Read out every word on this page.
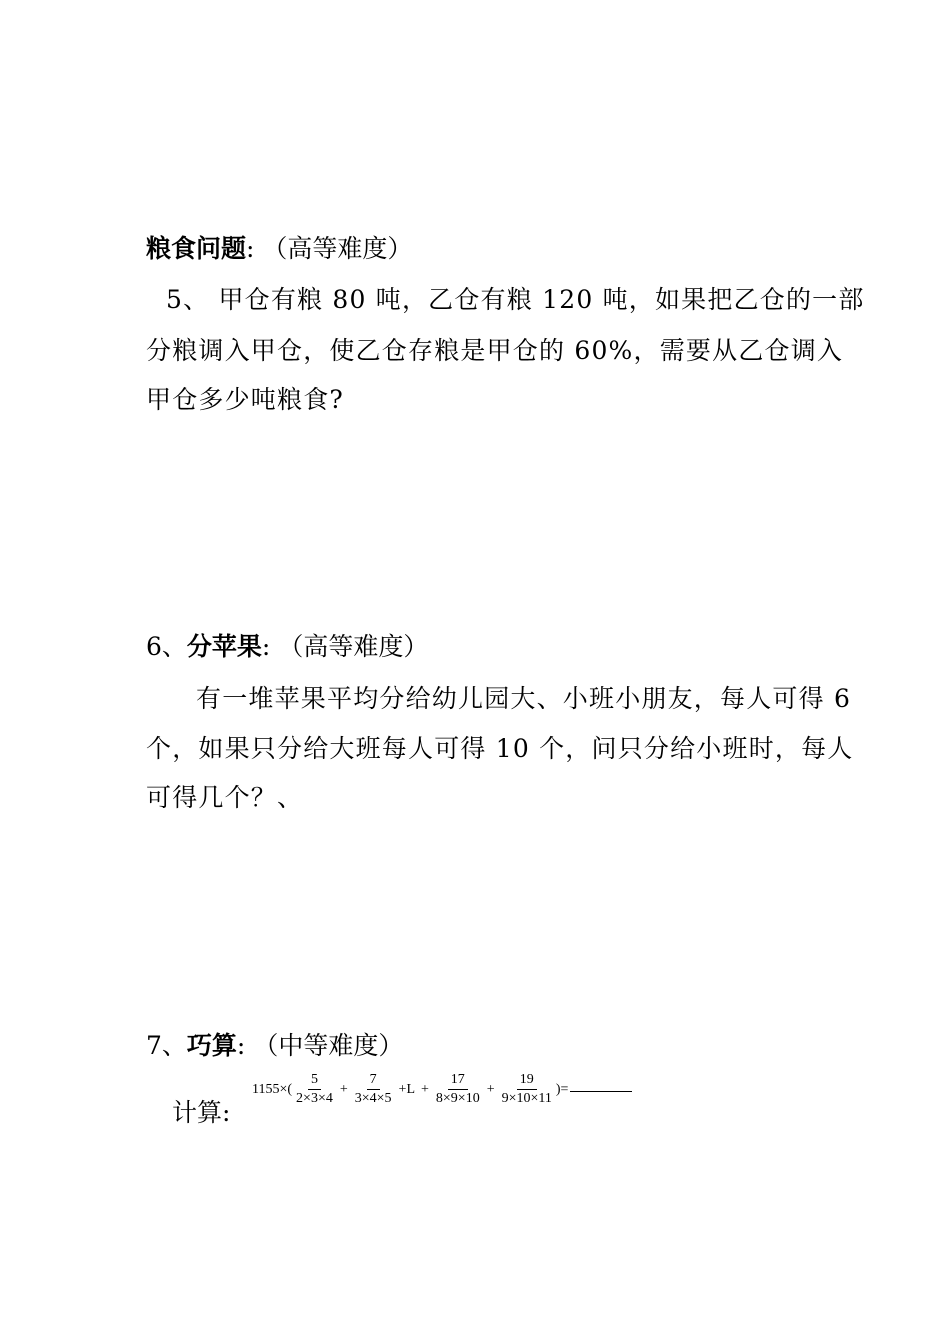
粮食问题: （高等难度）
5、 甲仓有粮 80 吨，乙仓有粮 120 吨，如果把乙仓的一部
分粮调入甲仓，使乙仓存粮是甲仓的 60%，需要从乙仓调入
甲仓多少吨粮食?
6、分苹果: （高等难度）
有一堆苹果平均分给幼儿园大、小班小朋友，每人可得 6
个，如果只分给大班每人可得 10 个，问只分给小班时，每人
可得几个？、
7、巧算: （中等难度）
计算:
$1155\times( \frac{5}{2\times 3\times 4} + \frac{7}{3\times 4\times 5} +L + \frac{17}{8\times 9\times 10} + \frac{19}{9\times 10\times 11}$ )=
